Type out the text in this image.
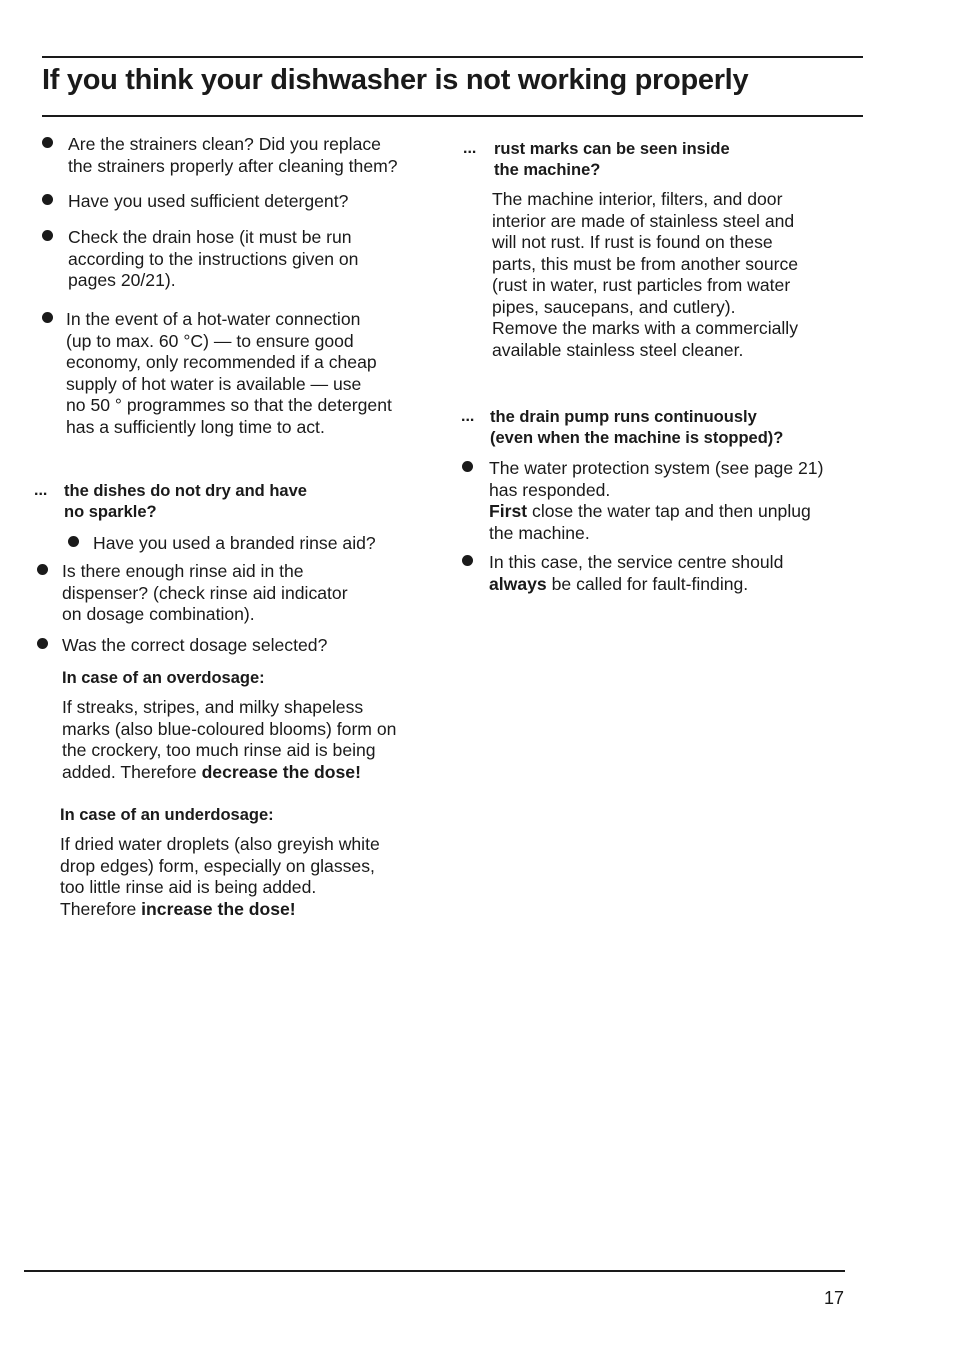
If you think your dishwasher is not working properly
Are the strainers clean? Did you replace
the strainers properly after cleaning them?
Have you used sufficient detergent?
Check the drain hose (it must be run
according to the instructions given on
pages 20/21).
In the event of a hot-water connection
(up to max. 60 °C) — to ensure good
economy, only recommended if a cheap
supply of hot water is available — use
no 50 ° programmes so that the detergent
has a sufficiently long time to act.
... the dishes do not dry and have
no sparkle?
Have you used a branded rinse aid?
Is there enough rinse aid in the
dispenser? (check rinse aid indicator
on dosage combination).
Was the correct dosage selected?
In case of an overdosage:
If streaks, stripes, and milky shapeless
marks (also blue-coloured blooms) form on
the crockery, too much rinse aid is being
added. Therefore decrease the dose!
In case of an underdosage:
If dried water droplets (also greyish white
drop edges) form, especially on glasses,
too little rinse aid is being added.
Therefore increase the dose!
... rust marks can be seen inside
the machine?
The machine interior, filters, and door
interior are made of stainless steel and
will not rust. If rust is found on these
parts, this must be from another source
(rust in water, rust particles from water
pipes, saucepans, and cutlery).
Remove the marks with a commercially
available stainless steel cleaner.
... the drain pump runs continuously
(even when the machine is stopped)?
The water protection system (see page 21)
has responded.
First close the water tap and then unplug
the machine.
In this case, the service centre should
always be called for fault-finding.
17
